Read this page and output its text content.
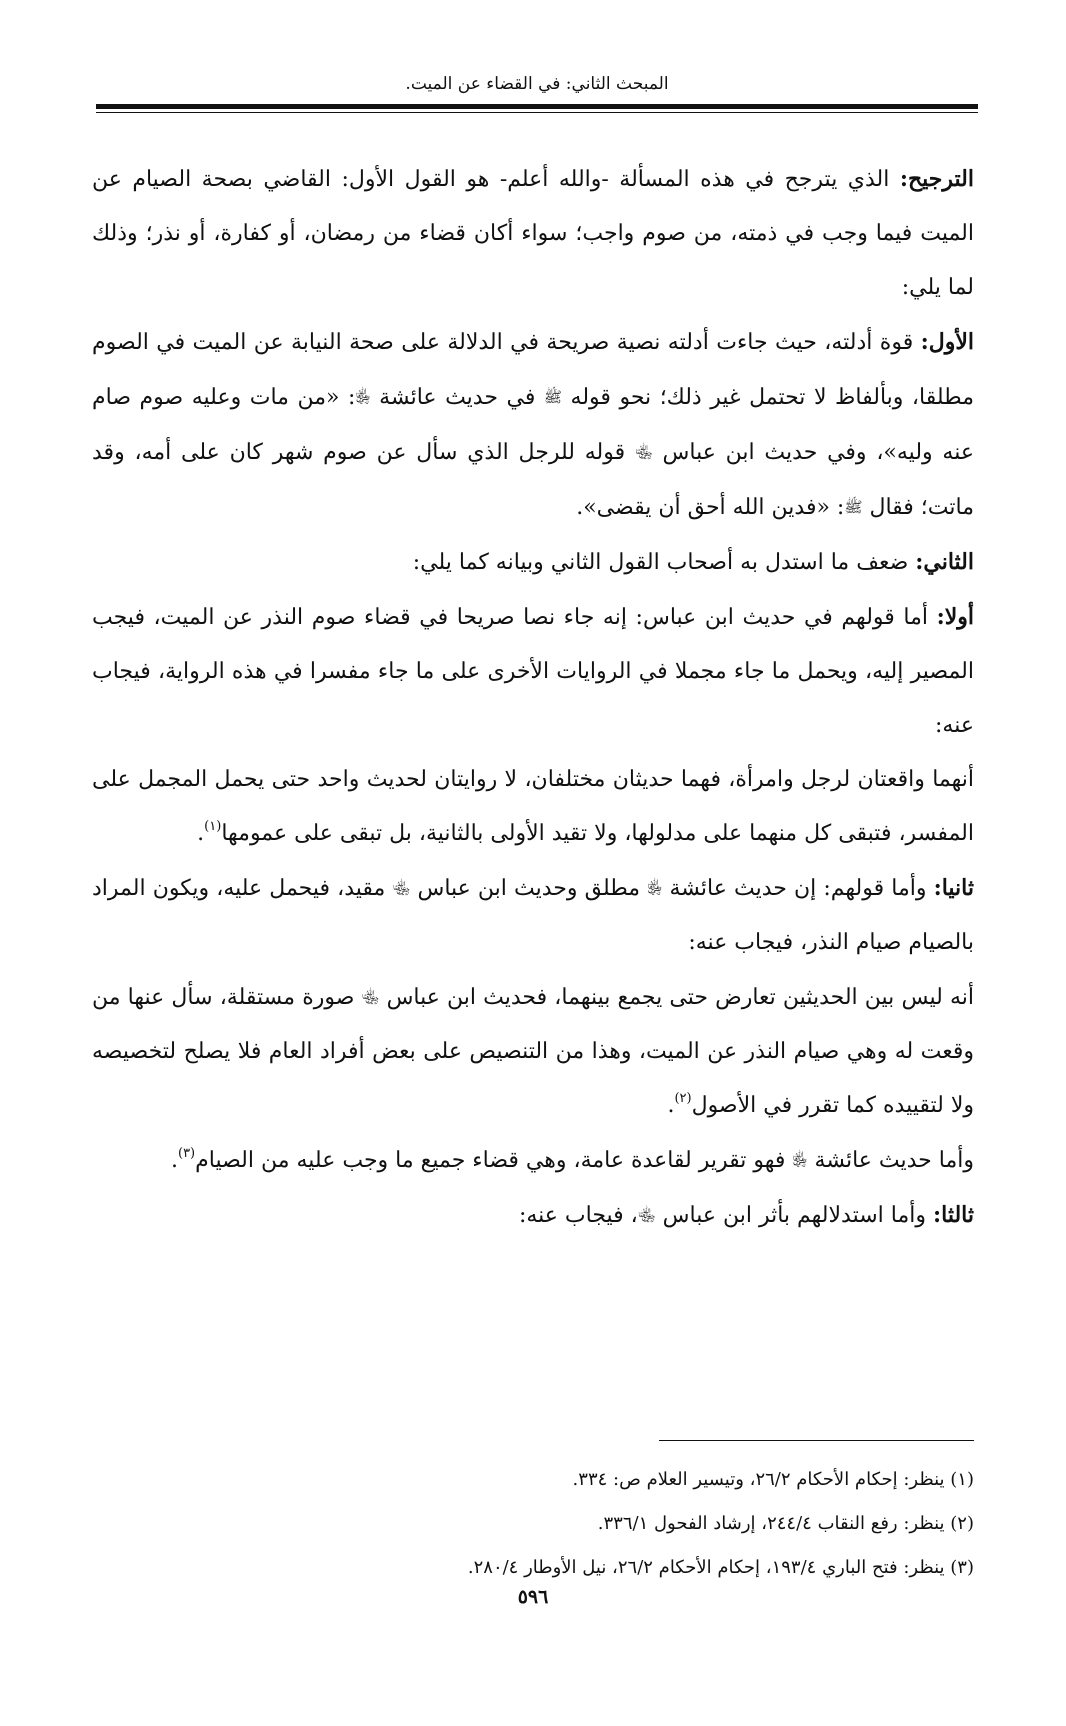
المبحث الثاني: في القضاء عن الميت.

الترجيح: الذي يترجح في هذه المسألة -والله أعلم- هو القول الأول: القاضي بصحة الصيام عن الميت فيما وجب في ذمته، من صوم واجب؛ سواء أكان قضاء من رمضان، أو كفارة، أو نذر؛ وذلك لما يلي:

الأول: قوة أدلته، حيث جاءت أدلته نصية صريحة في الدلالة على صحة النيابة عن الميت في الصوم مطلقا، وبألفاظ لا تحتمل غير ذلك؛ نحو قوله ﷺ في حديث عائشة ﵂: «من مات وعليه صوم صام عنه وليه»، وفي حديث ابن عباس ﵄ قوله للرجل الذي سأل عن صوم شهر كان على أمه، وقد ماتت؛ فقال ﷺ: «فدين الله أحق أن يقضى».

الثاني: ضعف ما استدل به أصحاب القول الثاني وبيانه كما يلي:

أولا: أما قولهم في حديث ابن عباس: إنه جاء نصا صريحا في قضاء صوم النذر عن الميت، فيجب المصير إليه، ويحمل ما جاء مجملا في الروايات الأخرى على ما جاء مفسرا في هذه الرواية، فيجاب عنه:

أنهما واقعتان لرجل وامرأة، فهما حديثان مختلفان، لا روايتان لحديث واحد حتى يحمل المجمل على المفسر، فتبقى كل منهما على مدلولها، ولا تقيد الأولى بالثانية، بل تبقى على عمومها$^{(١)}$.

ثانيا: وأما قولهم: إن حديث عائشة ﵂ مطلق وحديث ابن عباس ﵄ مقيد، فيحمل عليه، ويكون المراد بالصيام صيام النذر، فيجاب عنه:

أنه ليس بين الحديثين تعارض حتى يجمع بينهما، فحديث ابن عباس ﵄ صورة مستقلة، سأل عنها من وقعت له وهي صيام النذر عن الميت، وهذا من التنصيص على بعض أفراد العام فلا يصلح لتخصيصه ولا لتقييده كما تقرر في الأصول$^{(٢)}$.

وأما حديث عائشة ﵂ فهو تقرير لقاعدة عامة، وهي قضاء جميع ما وجب عليه من الصيام$^{(٣)}$.

ثالثا: وأما استدلالهم بأثر ابن عباس ﵄، فيجاب عنه:

(١) ينظر: إحكام الأحكام ٢٦/٢، وتيسير العلام ص: ٣٣٤.

(٢) ينظر: رفع النقاب ٢٤٤/٤، إرشاد الفحول ٣٣٦/١.

(٣) ينظر: فتح الباري ١٩٣/٤، إحكام الأحكام ٢٦/٢، نيل الأوطار ٢٨٠/٤.

٥٩٦
